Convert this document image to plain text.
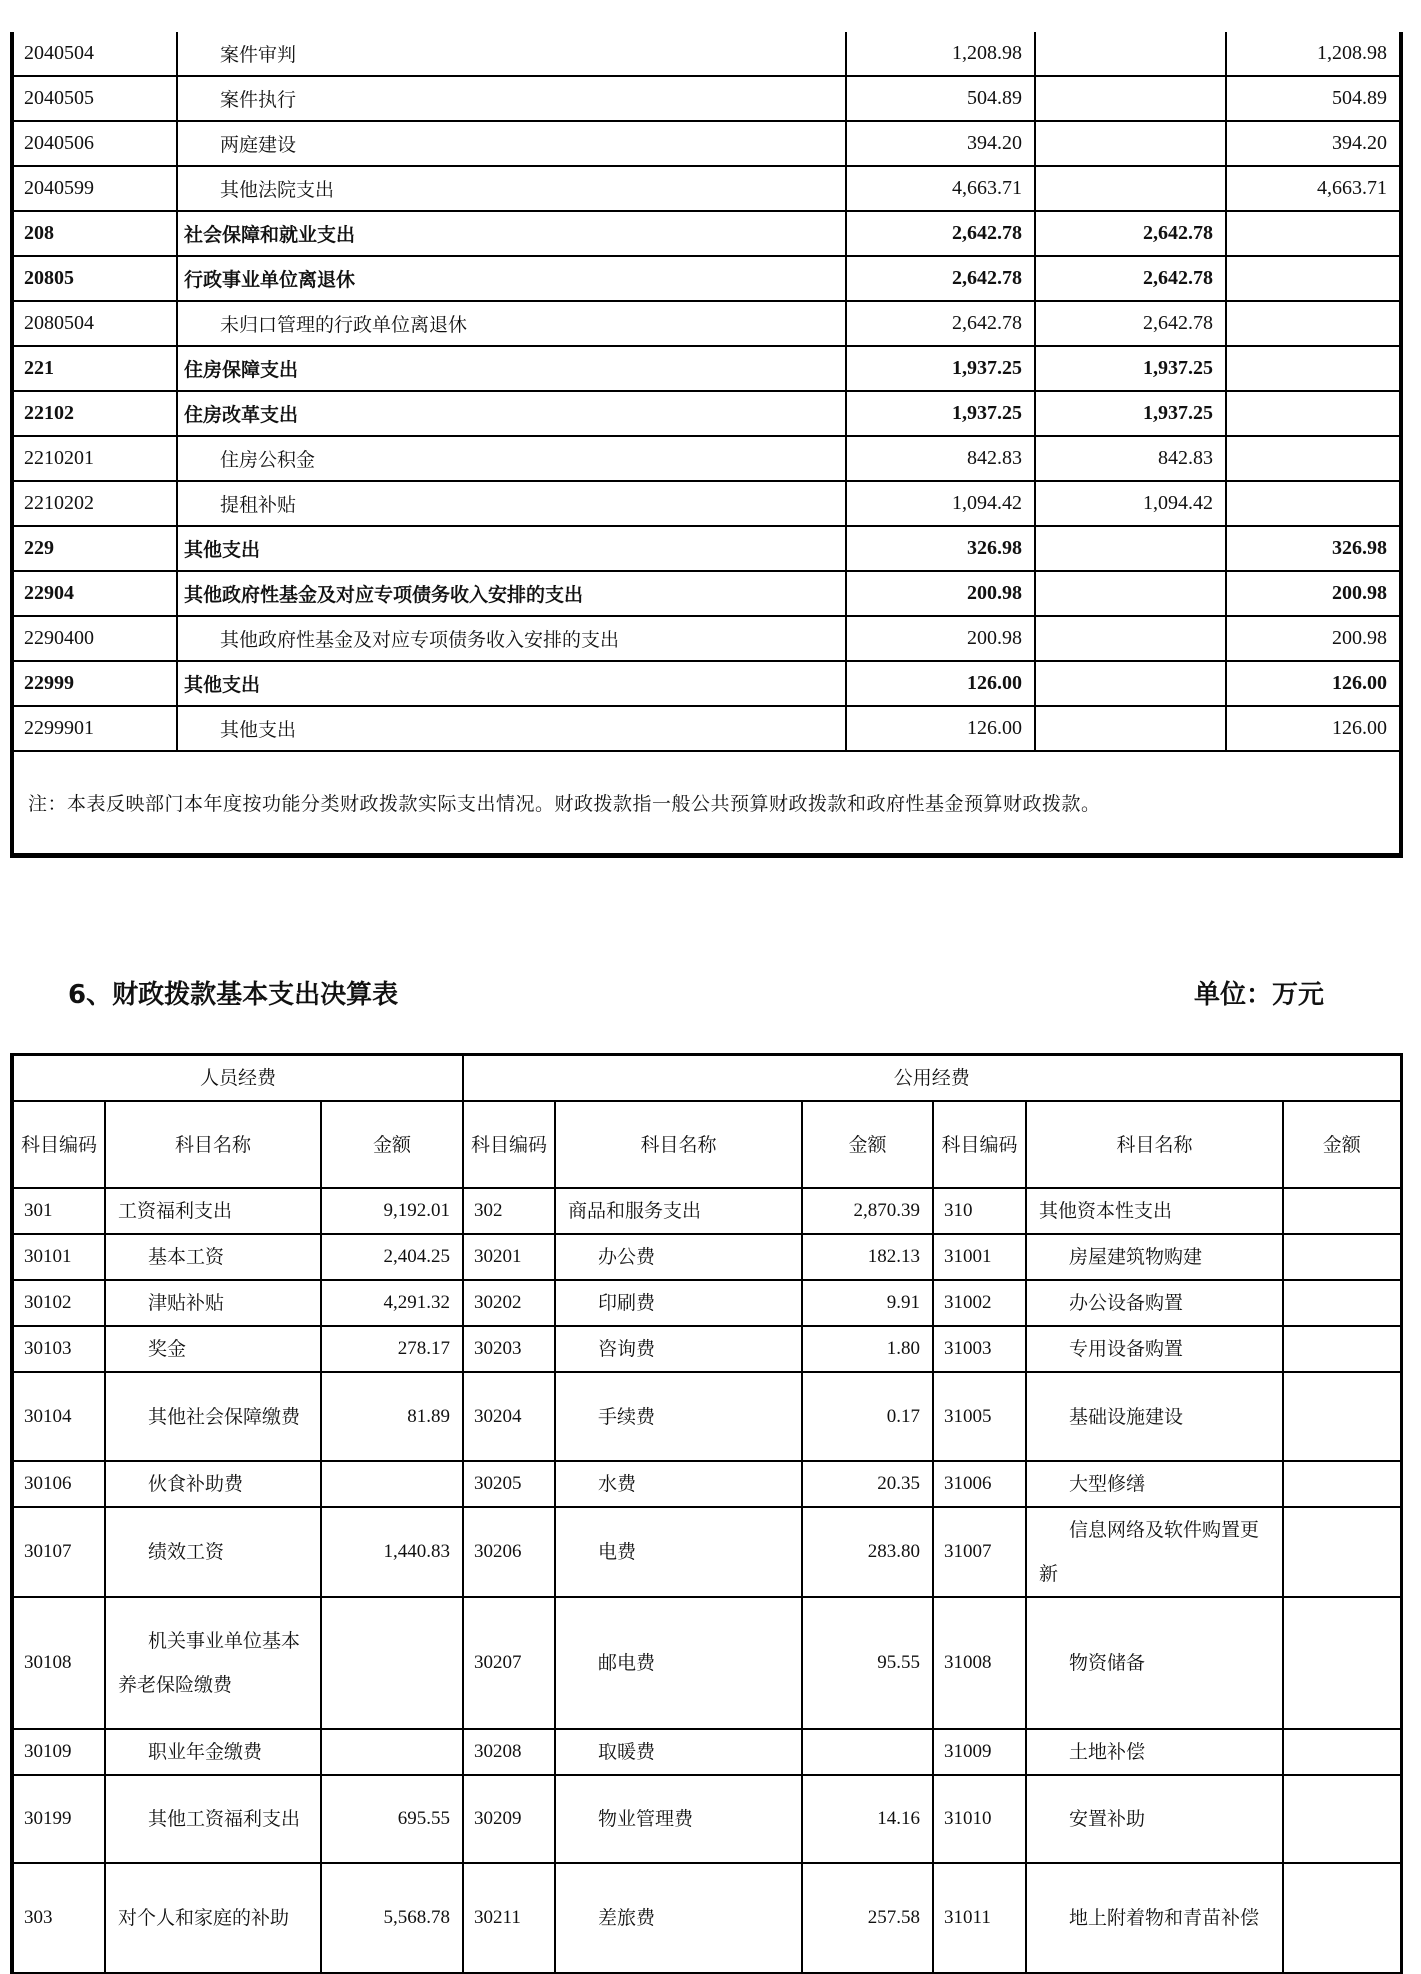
2040504	案件审判	1,208.98		1,208.98
2040505	案件执行	504.89		504.89
2040506	两庭建设	394.20		394.20
2040599	其他法院支出	4,663.71		4,663.71
208	社会保障和就业支出	2,642.78	2,642.78	
20805	行政事业单位离退休	2,642.78	2,642.78	
2080504	未归口管理的行政单位离退休	2,642.78	2,642.78	
221	住房保障支出	1,937.25	1,937.25	
22102	住房改革支出	1,937.25	1,937.25	
2210201	住房公积金	842.83	842.83	
2210202	提租补贴	1,094.42	1,094.42	
229	其他支出	326.98		326.98
22904	其他政府性基金及对应专项债务收入安排的支出	200.98		200.98
2290400	其他政府性基金及对应专项债务收入安排的支出	200.98		200.98
22999	其他支出	126.00		126.00
2299901	其他支出	126.00		126.00
注：本表反映部门本年度按功能分类财政拨款实际支出情况。财政拨款指一般公共预算财政拨款和政府性基金预算财政拨款。				
6、财政拨款基本支出决算表	单位：万元
人员经费			公用经费					
科目编码	科目名称	金额	科目编码	科目名称	金额	科目编码	科目名称	金额
301	工资福利支出	9,192.01	302	商品和服务支出	2,870.39	310	其他资本性支出	
30101	基本工资	2,404.25	30201	办公费	182.13	31001	房屋建筑物购建	
30102	津贴补贴	4,291.32	30202	印刷费	9.91	31002	办公设备购置	
30103	奖金	278.17	30203	咨询费	1.80	31003	专用设备购置	
30104	其他社会保障缴费	81.89	30204	手续费	0.17	31005	基础设施建设	
30106	伙食补助费		30205	水费	20.35	31006	大型修缮	
30107	绩效工资	1,440.83	30206	电费	283.80	31007	信息网络及软件购置更新	
30108	机关事业单位基本养老保险缴费		30207	邮电费	95.55	31008	物资储备	
30109	职业年金缴费		30208	取暖费		31009	土地补偿	
30199	其他工资福利支出	695.55	30209	物业管理费	14.16	31010	安置补助	
303	对个人和家庭的补助	5,568.78	30211	差旅费	257.58	31011	地上附着物和青苗补偿	
